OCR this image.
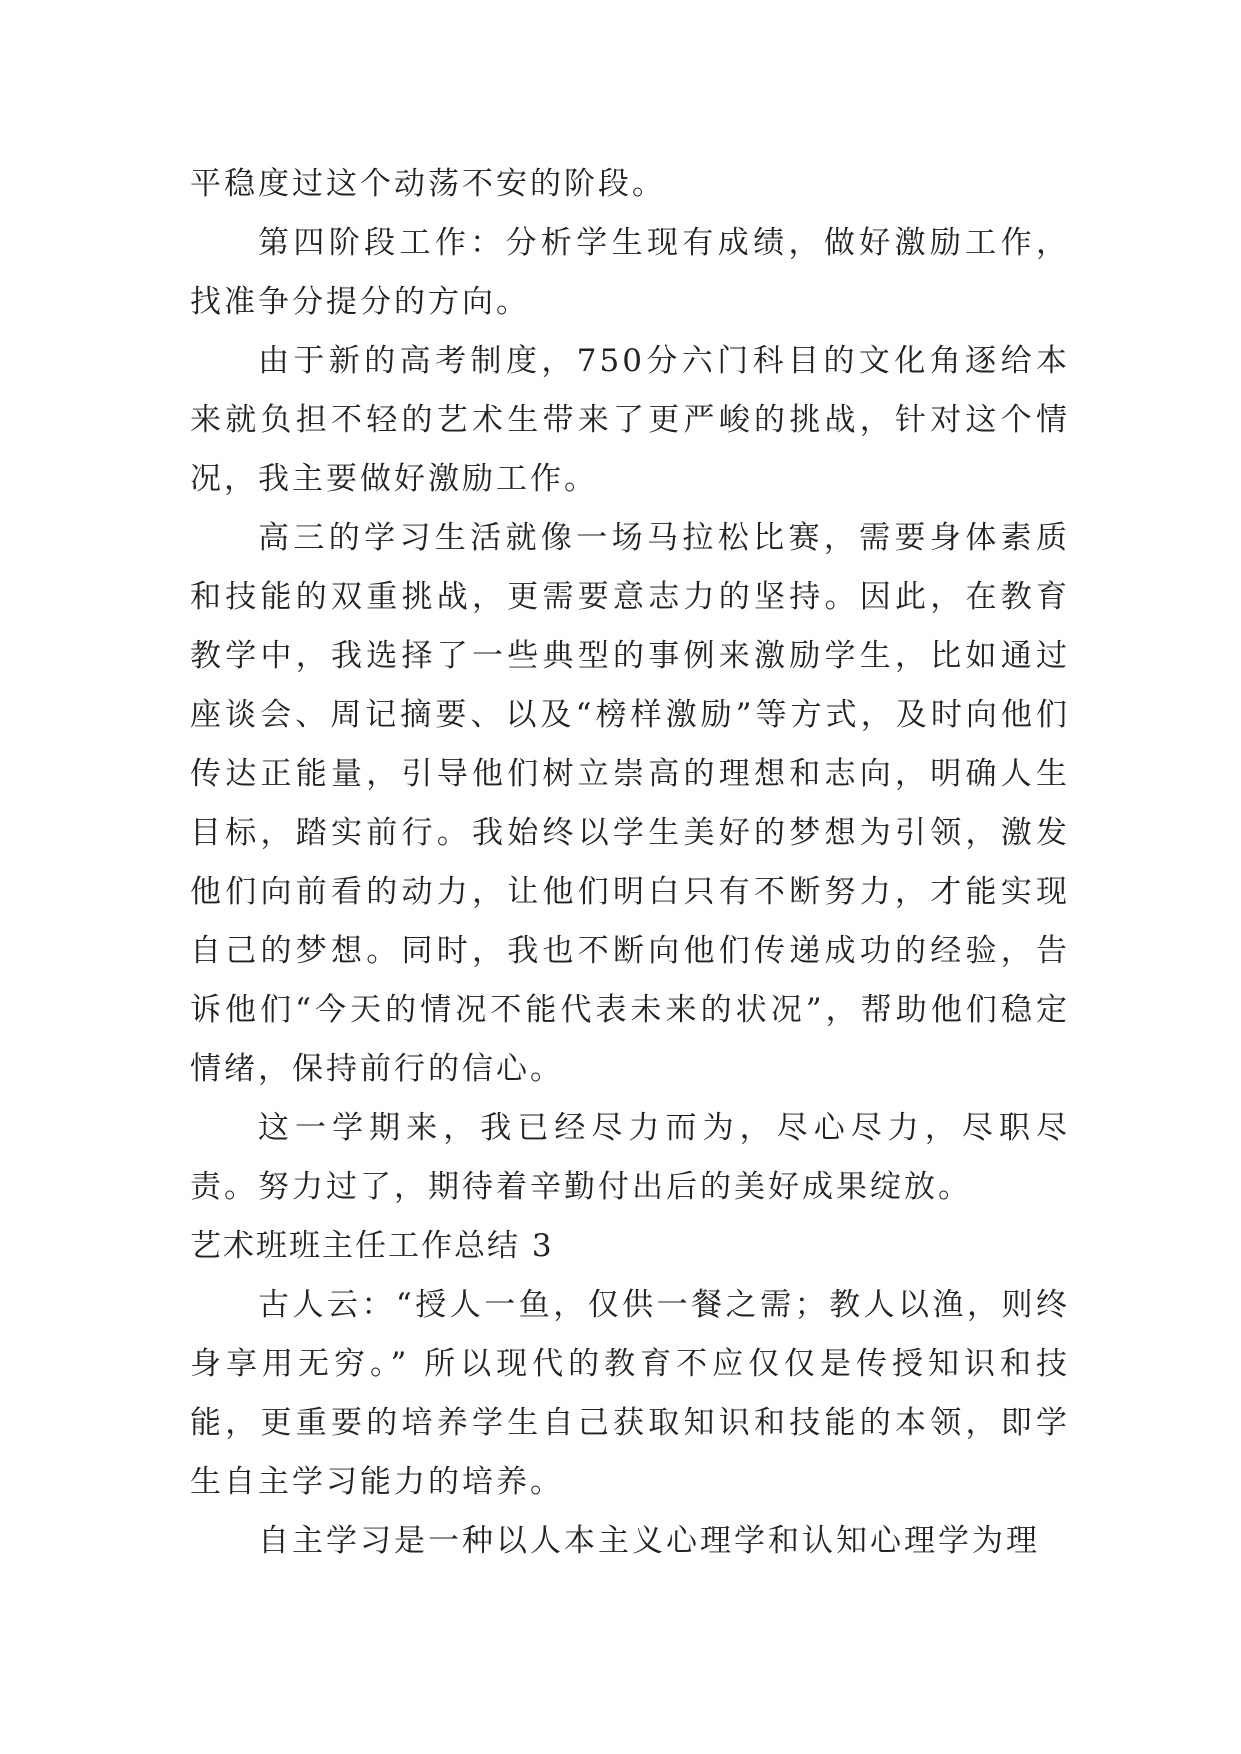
平稳度过这个动荡不安的阶段。

第四阶段工作：分析学生现有成绩，做好激励工作，找准争分提分的方向。

由于新的高考制度，750分六门科目的文化角逐给本来就负担不轻的艺术生带来了更严峻的挑战，针对这个情况，我主要做好激励工作。

高三的学习生活就像一场马拉松比赛，需要身体素质和技能的双重挑战，更需要意志力的坚持。因此，在教育教学中，我选择了一些典型的事例来激励学生，比如通过座谈会、周记摘要、以及“榜样激励”等方式，及时向他们传达正能量，引导他们树立崇高的理想和志向，明确人生目标，踏实前行。我始终以学生美好的梦想为引领，激发他们向前看的动力，让他们明白只有不断努力，才能实现自己的梦想。同时，我也不断向他们传递成功的经验，告诉他们“今天的情况不能代表未来的状况”，帮助他们稳定情绪，保持前行的信心。

这一学期来，我已经尽力而为，尽心尽力，尽职尽责。努力过了，期待着辛勤付出后的美好成果绽放。

艺术班班主任工作总结 3

古人云：“授人一鱼，仅供一餐之需；教人以渔，则终身享用无穷。” 所以现代的教育不应仅仅是传授知识和技能，更重要的培养学生自己获取知识和技能的本领，即学生自主学习能力的培养。

自主学习是一种以人本主义心理学和认知心理学为理
